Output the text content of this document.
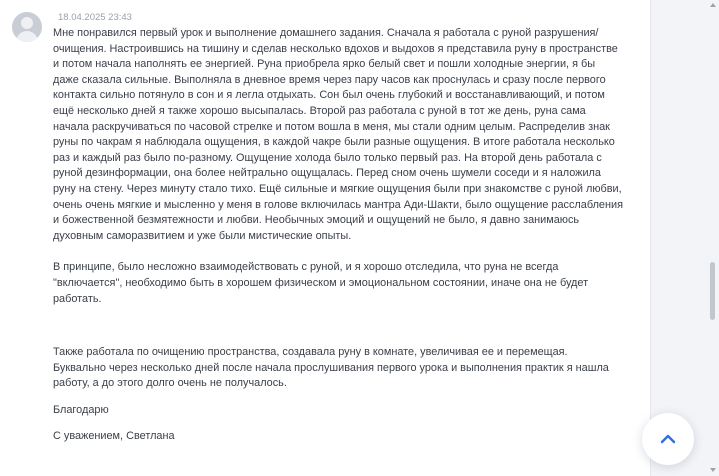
18.04.2025 23:43

Мне понравился первый урок и выполнение домашнего задания. Сначала я работала с руной разрушения/очищения. Настроившись на тишину и сделав несколько вдохов и выдохов я представила руну в пространстве и потом начала наполнять ее энергией. Руна приобрела ярко белый свет и пошли холодные энергии, я бы даже сказала сильные. Выполняла в дневное время через пару часов как проснулась и сразу после первого контакта сильно потянуло в сон и я легла отдыхать. Сон был очень глубокий и восстанавливающий, и потом ещё несколько дней я также хорошо высыпалась. Второй раз работала с руной в тот же день, руна сама начала раскручиваться по часовой стрелке и потом вошла в меня, мы стали одним целым. Распределив знак руны по чакрам я наблюдала ощущения, в каждой чакре были разные ощущения. В итоге работала несколько раз и каждый раз было по-разному. Ощущение холода было только первый раз. На второй день работала с руной дезинформации, она более нейтрально ощущалась. Перед сном очень шумели соседи и я наложила руну на стену. Через минуту стало тихо. Ещё сильные и мягкие ощущения были при знакомстве с руной любви, очень очень мягкие и мысленно у меня в голове включилась мантра Ади-Шакти, было ощущение расслабления и божественной безмятежности и любви. Необычных эмоций и ощущений не было, я давно занимаюсь духовным саморазвитием и уже были мистические опыты.

В принципе, было несложно взаимодействовать с руной, и я хорошо отследила, что руна не всегда "включается", необходимо быть в хорошем физическом и эмоциональном состоянии, иначе она не будет работать.

Также работала по очищению пространства, создавала руну в комнате, увеличивая ее и перемещая. Буквально через несколько дней после начала прослушивания первого урока и выполнения практик я нашла работу, а до этого долго очень не получалось.

Благодарю

С уважением, Светлана
